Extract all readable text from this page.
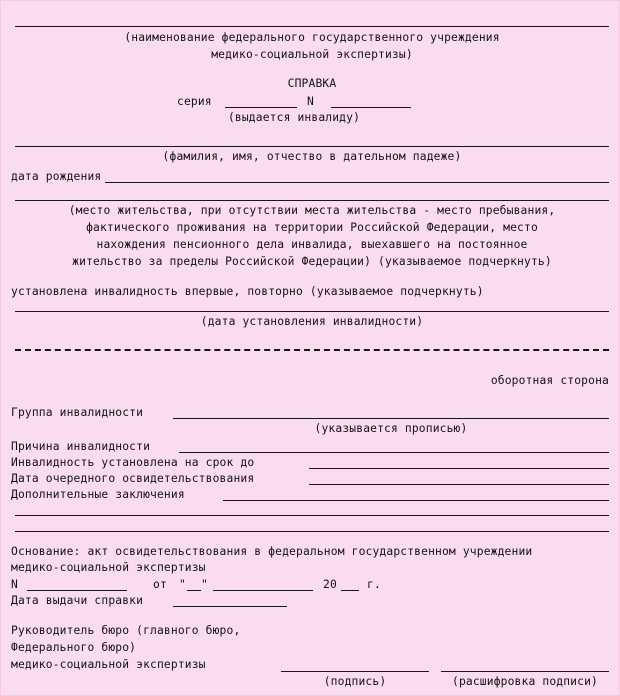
(наименование федерального государственного учреждения
медико-социальной экспертизы)
СПРАВКА
серия	N
(выдается инвалиду)
(фамилия, имя, отчество в дательном падеже)
дата рождения
(место жительства, при отсутствии места жительства - место пребывания,
фактического проживания на территории Российской Федерации, место
нахождения пенсионного дела инвалида, выехавшего на постоянное
жительство за пределы Российской Федерации) (указываемое подчеркнуть)
установлена инвалидность впервые, повторно (указываемое подчеркнуть)
(дата установления инвалидности)
оборотная сторона
Группа инвалидности
(указывается прописью)
Причина инвалидности
Инвалидность установлена на срок до
Дата очередного освидетельствования
Дополнительные заключения
Основание: акт освидетельствования в федеральном государственном учреждении
медико-социальной экспертизы
N	от " "	20	г.
Дата выдачи справки
Руководитель бюро (главного бюро,
Федерального бюро)
медико-социальной экспертизы
(подпись)	(расшифровка подписи)
